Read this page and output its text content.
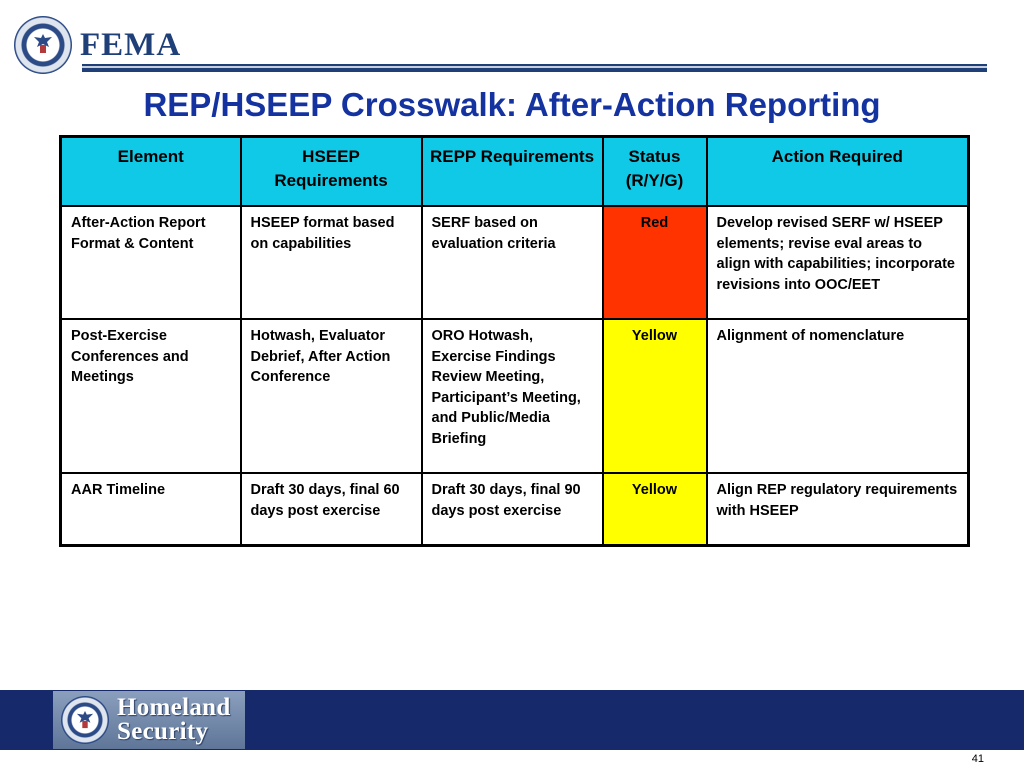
FEMA
REP/HSEEP Crosswalk: After-Action Reporting
Element	HSEEP Requirements	REPP Requirements	Status (R/Y/G)	Action Required
After-Action Report Format & Content	HSEEP format based on capabilities	SERF based on evaluation criteria	Red	Develop revised SERF w/ HSEEP elements; revise eval areas to align with capabilities; incorporate revisions into OOC/EET
Post-Exercise Conferences and Meetings	Hotwash, Evaluator Debrief, After Action Conference	ORO Hotwash, Exercise Findings Review Meeting, Participant’s Meeting, and Public/Media Briefing	Yellow	Alignment of nomenclature
AAR Timeline	Draft 30 days, final 60 days post exercise	Draft 30 days, final 90 days post exercise	Yellow	Align REP regulatory requirements with HSEEP
Homeland
Security
41
